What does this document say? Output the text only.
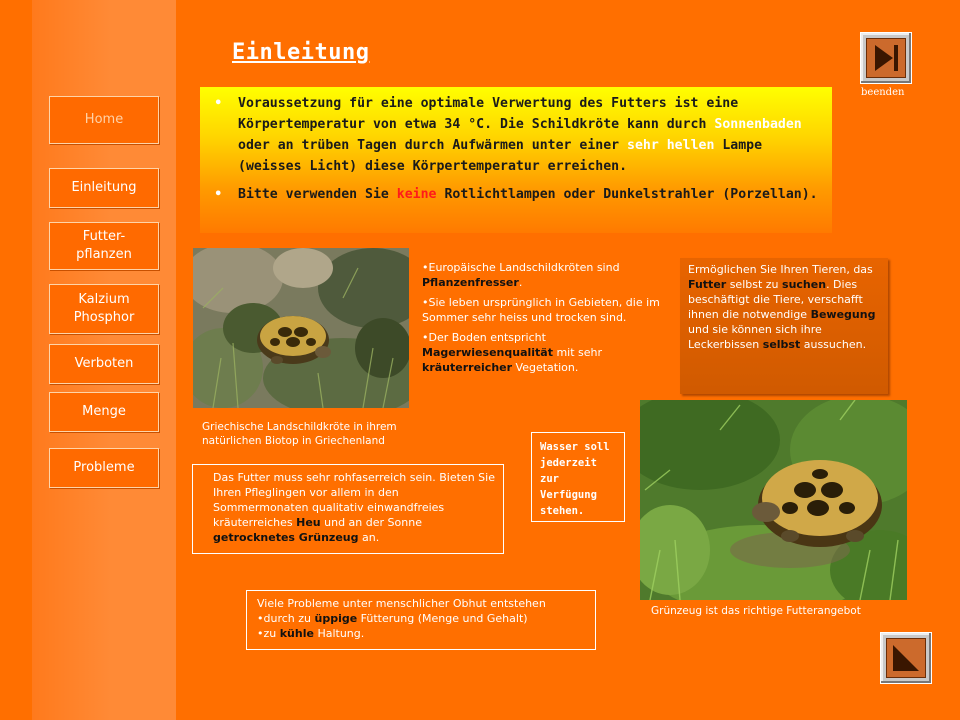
Home
Einleitung
Futter-
pflanzen
Kalzium
Phosphor
Verboten
Menge
Probleme
Einleitung
beenden
• Voraussetzung für eine optimale Verwertung des Futters ist eine Körpertemperatur von etwa 34 °C. Die Schildkröte kann durch Sonnenbaden oder an trüben Tagen durch Aufwärmen unter einer sehr hellen Lampe (weisses Licht) diese Körpertemperatur erreichen.
• Bitte verwenden Sie keine Rotlichtlampen oder Dunkelstrahler (Porzellan).
Griechische Landschildkröte in ihrem natürlichen Biotop in Griechenland

•Europäische Landschildkröten sind Pflanzenfresser.

•Sie leben ursprünglich in Gebieten, die im Sommer sehr heiss und trocken sind.

•Der Boden entspricht Magerwiesenqualität mit sehr kräuterreicher Vegetation.

Ermöglichen Sie Ihren Tieren, das Futter selbst zu suchen. Dies beschäftigt die Tiere, verschafft ihnen die notwendige Bewegung und sie können sich ihre Leckerbissen selbst aussuchen.
Grünzeug ist das richtige Futterangebot
Wasser soll jederzeit zur Verfügung stehen.
Das Futter muss sehr rohfaserreich sein. Bieten Sie Ihren Pfleglingen vor allem in den Sommermonaten qualitativ einwandfreies kräuterreiches Heu und an der Sonne getrocknetes Grünzeug an.
Viele Probleme unter menschlicher Obhut entstehen
•durch zu üppige Fütterung (Menge und Gehalt)
•zu kühle Haltung.
